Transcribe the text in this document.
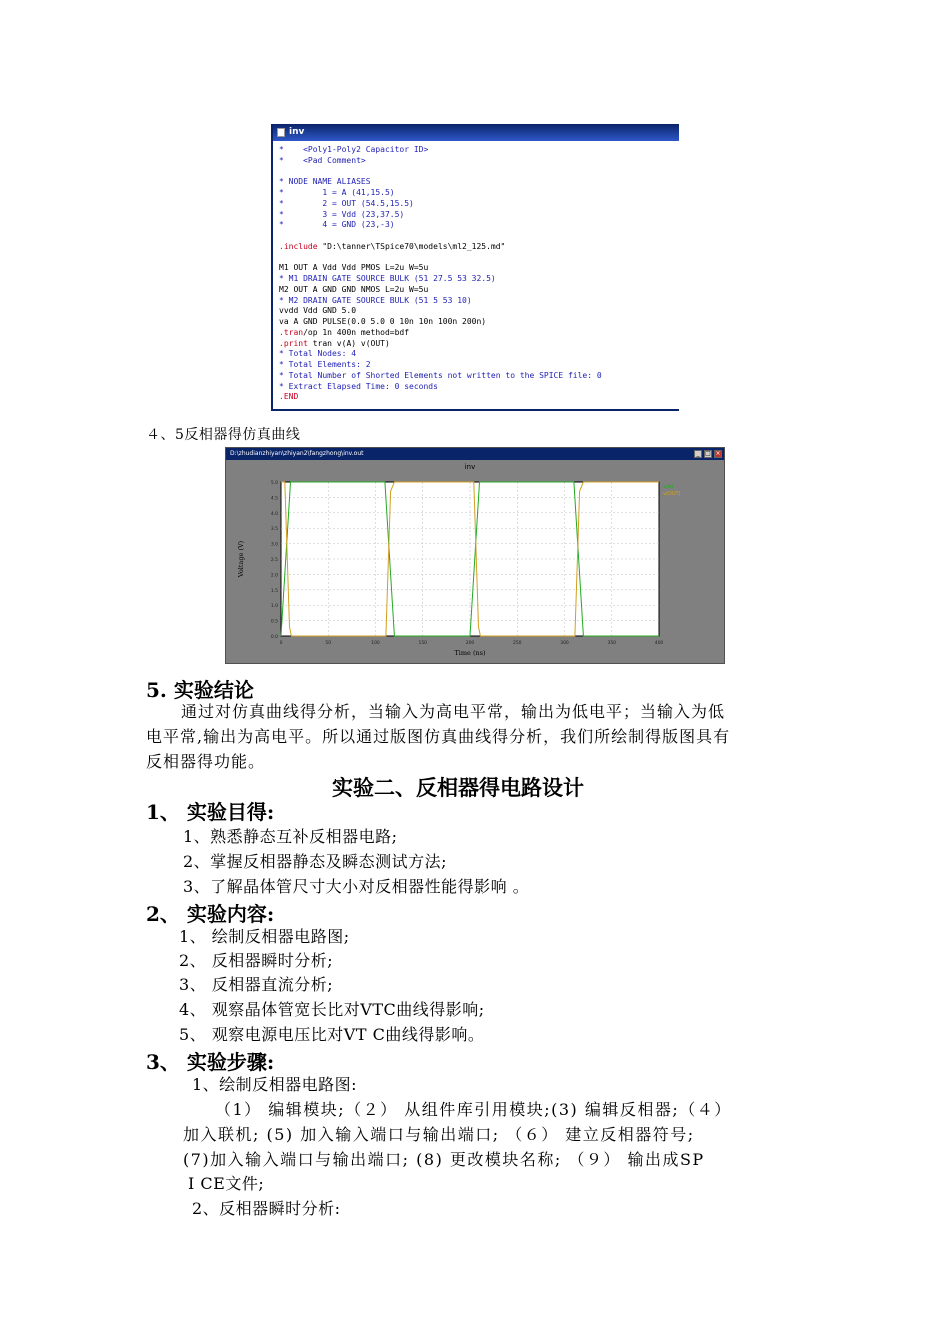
inv
*    <Poly1-Poly2 Capacitor ID>
*    <Pad Comment>
* NODE NAME ALIASES
*        1 = A (41,15.5)
*        2 = OUT (54.5,15.5)
*        3 = Vdd (23,37.5)
*        4 = GND (23,-3)
.include "D:\tanner\TSpice70\models\ml2_125.md"
M1 OUT A Vdd Vdd PMOS L=2u W=5u
* M1 DRAIN GATE SOURCE BULK (51 27.5 53 32.5)
M2 OUT A GND GND NMOS L=2u W=5u
* M2 DRAIN GATE SOURCE BULK (51 5 53 10)
vvdd Vdd GND 5.0
va A GND PULSE(0.0 5.0 0 10n 10n 100n 200n)
.tran/op 1n 400n method=bdf
.print tran v(A) v(OUT)
* Total Nodes: 4
* Total Elements: 2
* Total Number of Shorted Elements not written to the SPICE file: 0
* Extract Elapsed Time: 0 seconds
.END
４、5反相器得仿真曲线
D:\zhudianzhiyan\zhiyan2\fangzhong\inv.out	_ □ ×
inv
0.0
0.5
1.0
1.5
2.0
2.5
3.0
3.5
4.0
4.5
5.0
0	50	100	150	200	250	300	350	400
Time (ns)
Voltage (V)
v(A)
v(OUT)
5. 实验结论
通过对仿真曲线得分析，当输入为高电平常，输出为低电平；当输入为低
电平常,输出为高电平。所以通过版图仿真曲线得分析，我们所绘制得版图具有
反相器得功能。
实验二、反相器得电路设计
1、 实验目得:
1、熟悉静态互补反相器电路;
2、掌握反相器静态及瞬态测试方法;
3、了解晶体管尺寸大小对反相器性能得影响 。
2、 实验内容:
1、 绘制反相器电路图;
2、 反相器瞬时分析;
3、 反相器直流分析;
4、 观察晶体管宽长比对VTC曲线得影响;
5、 观察电源电压比对VT C曲线得影响。
3、 实验步骤:
1、绘制反相器电路图:
（1） 编辑模块;（２） 从组件库引用模块;(3) 编辑反相器;（４）
加入联机; (5) 加入输入端口与输出端口; （６） 建立反相器符号;
(7)加入输入端口与输出端口; (8) 更改模块名称; （９） 输出成SP
I CE文件;
2、反相器瞬时分析:
